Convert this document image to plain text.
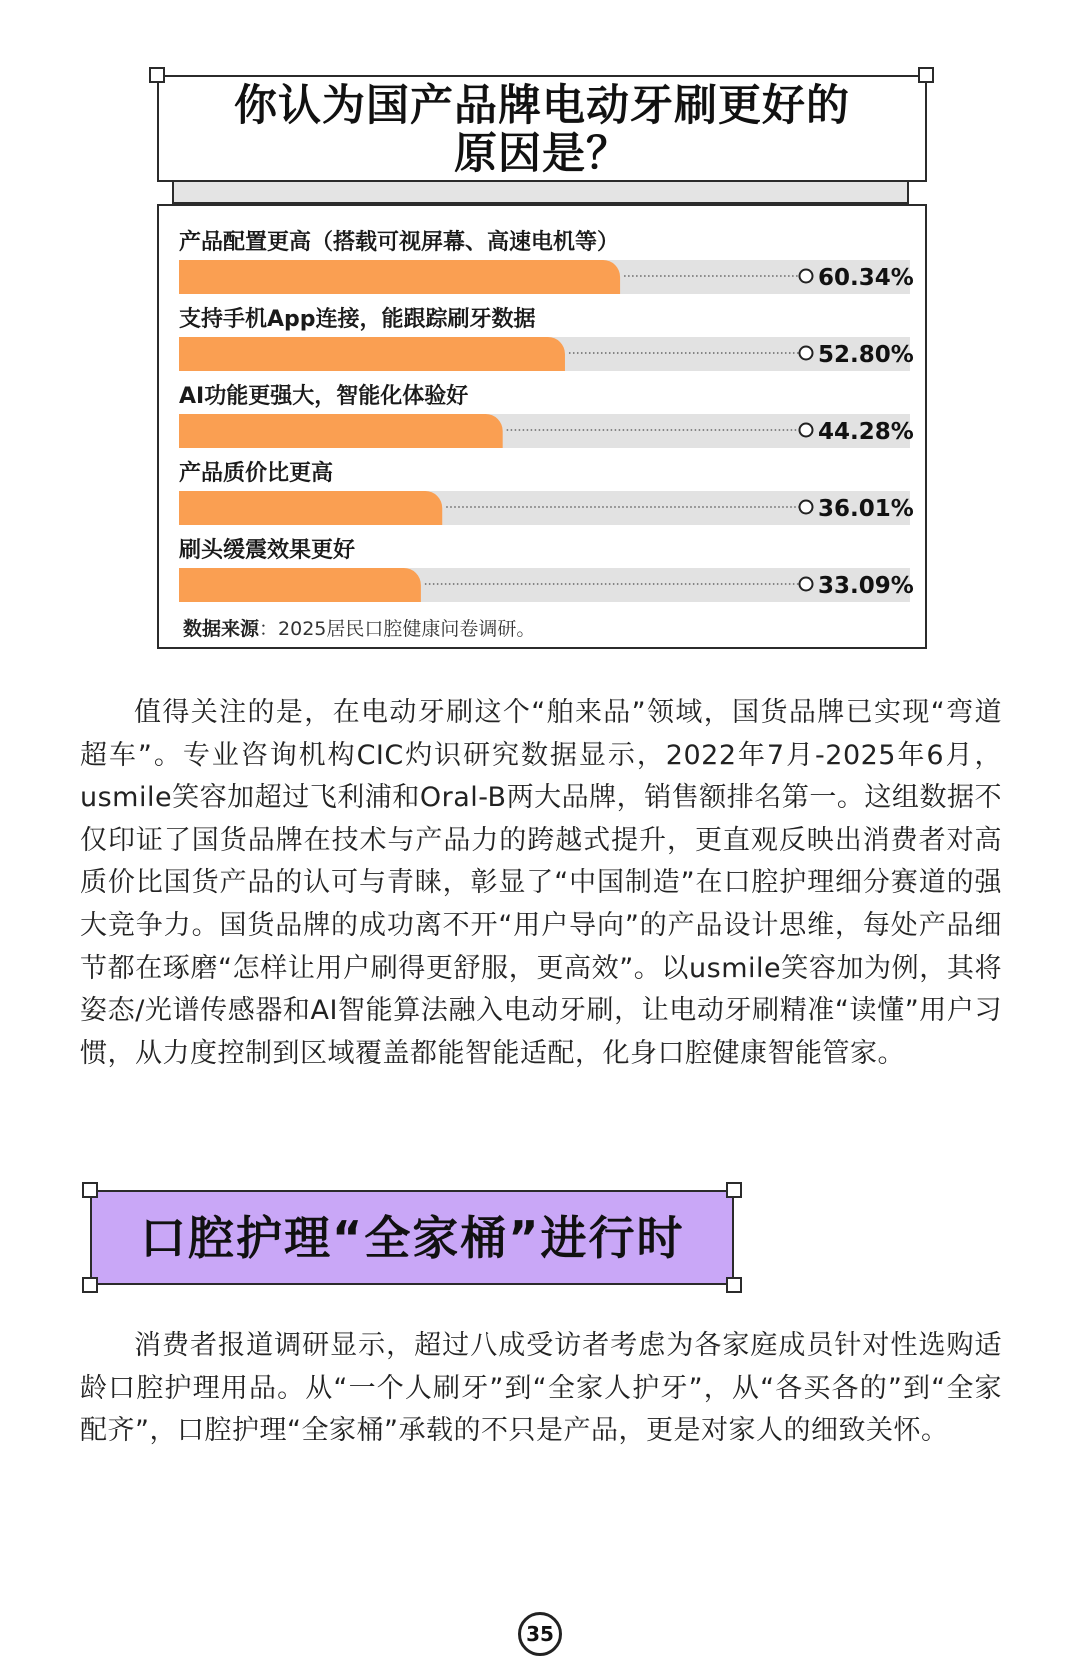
你认为国产品牌电动牙刷更好的
原因是？
产品配置更高（搭载可视屏幕、高速电机等）
支持手机App连接，能跟踪刷牙数据
AI功能更强大，智能化体验好
产品质价比更高
刷头缓震效果更好
60.34%
52.80%
44.28%
36.01%
33.09%
数据来源：2025居民口腔健康问卷调研。

值得关注的是，在电动牙刷这个“舶来品”领域，国货品牌已实现“弯道超车”。专业咨询机构CIC灼识研究数据显示，2022年7月-2025年6月，usmile笑容加超过飞利浦和Oral-B两大品牌，销售额排名第一。这组数据不仅印证了国货品牌在技术与产品力的跨越式提升，更直观反映出消费者对高质价比国货产品的认可与青睐，彰显了“中国制造”在口腔护理细分赛道的强大竞争力。国货品牌的成功离不开“用户导向”的产品设计思维，每处产品细节都在琢磨“怎样让用户刷得更舒服，更高效”。以usmile笑容加为例，其将姿态/光谱传感器和AI智能算法融入电动牙刷，让电动牙刷精准“读懂”用户习惯，从力度控制到区域覆盖都能智能适配，化身口腔健康智能管家。

口腔护理“全家桶”进行时

消费者报道调研显示，超过八成受访者考虑为各家庭成员针对性选购适龄口腔护理用品。从“一个人刷牙”到“全家人护牙”，从“各买各的”到“全家配齐”，口腔护理“全家桶”承载的不只是产品，更是对家人的细致关怀。

35
